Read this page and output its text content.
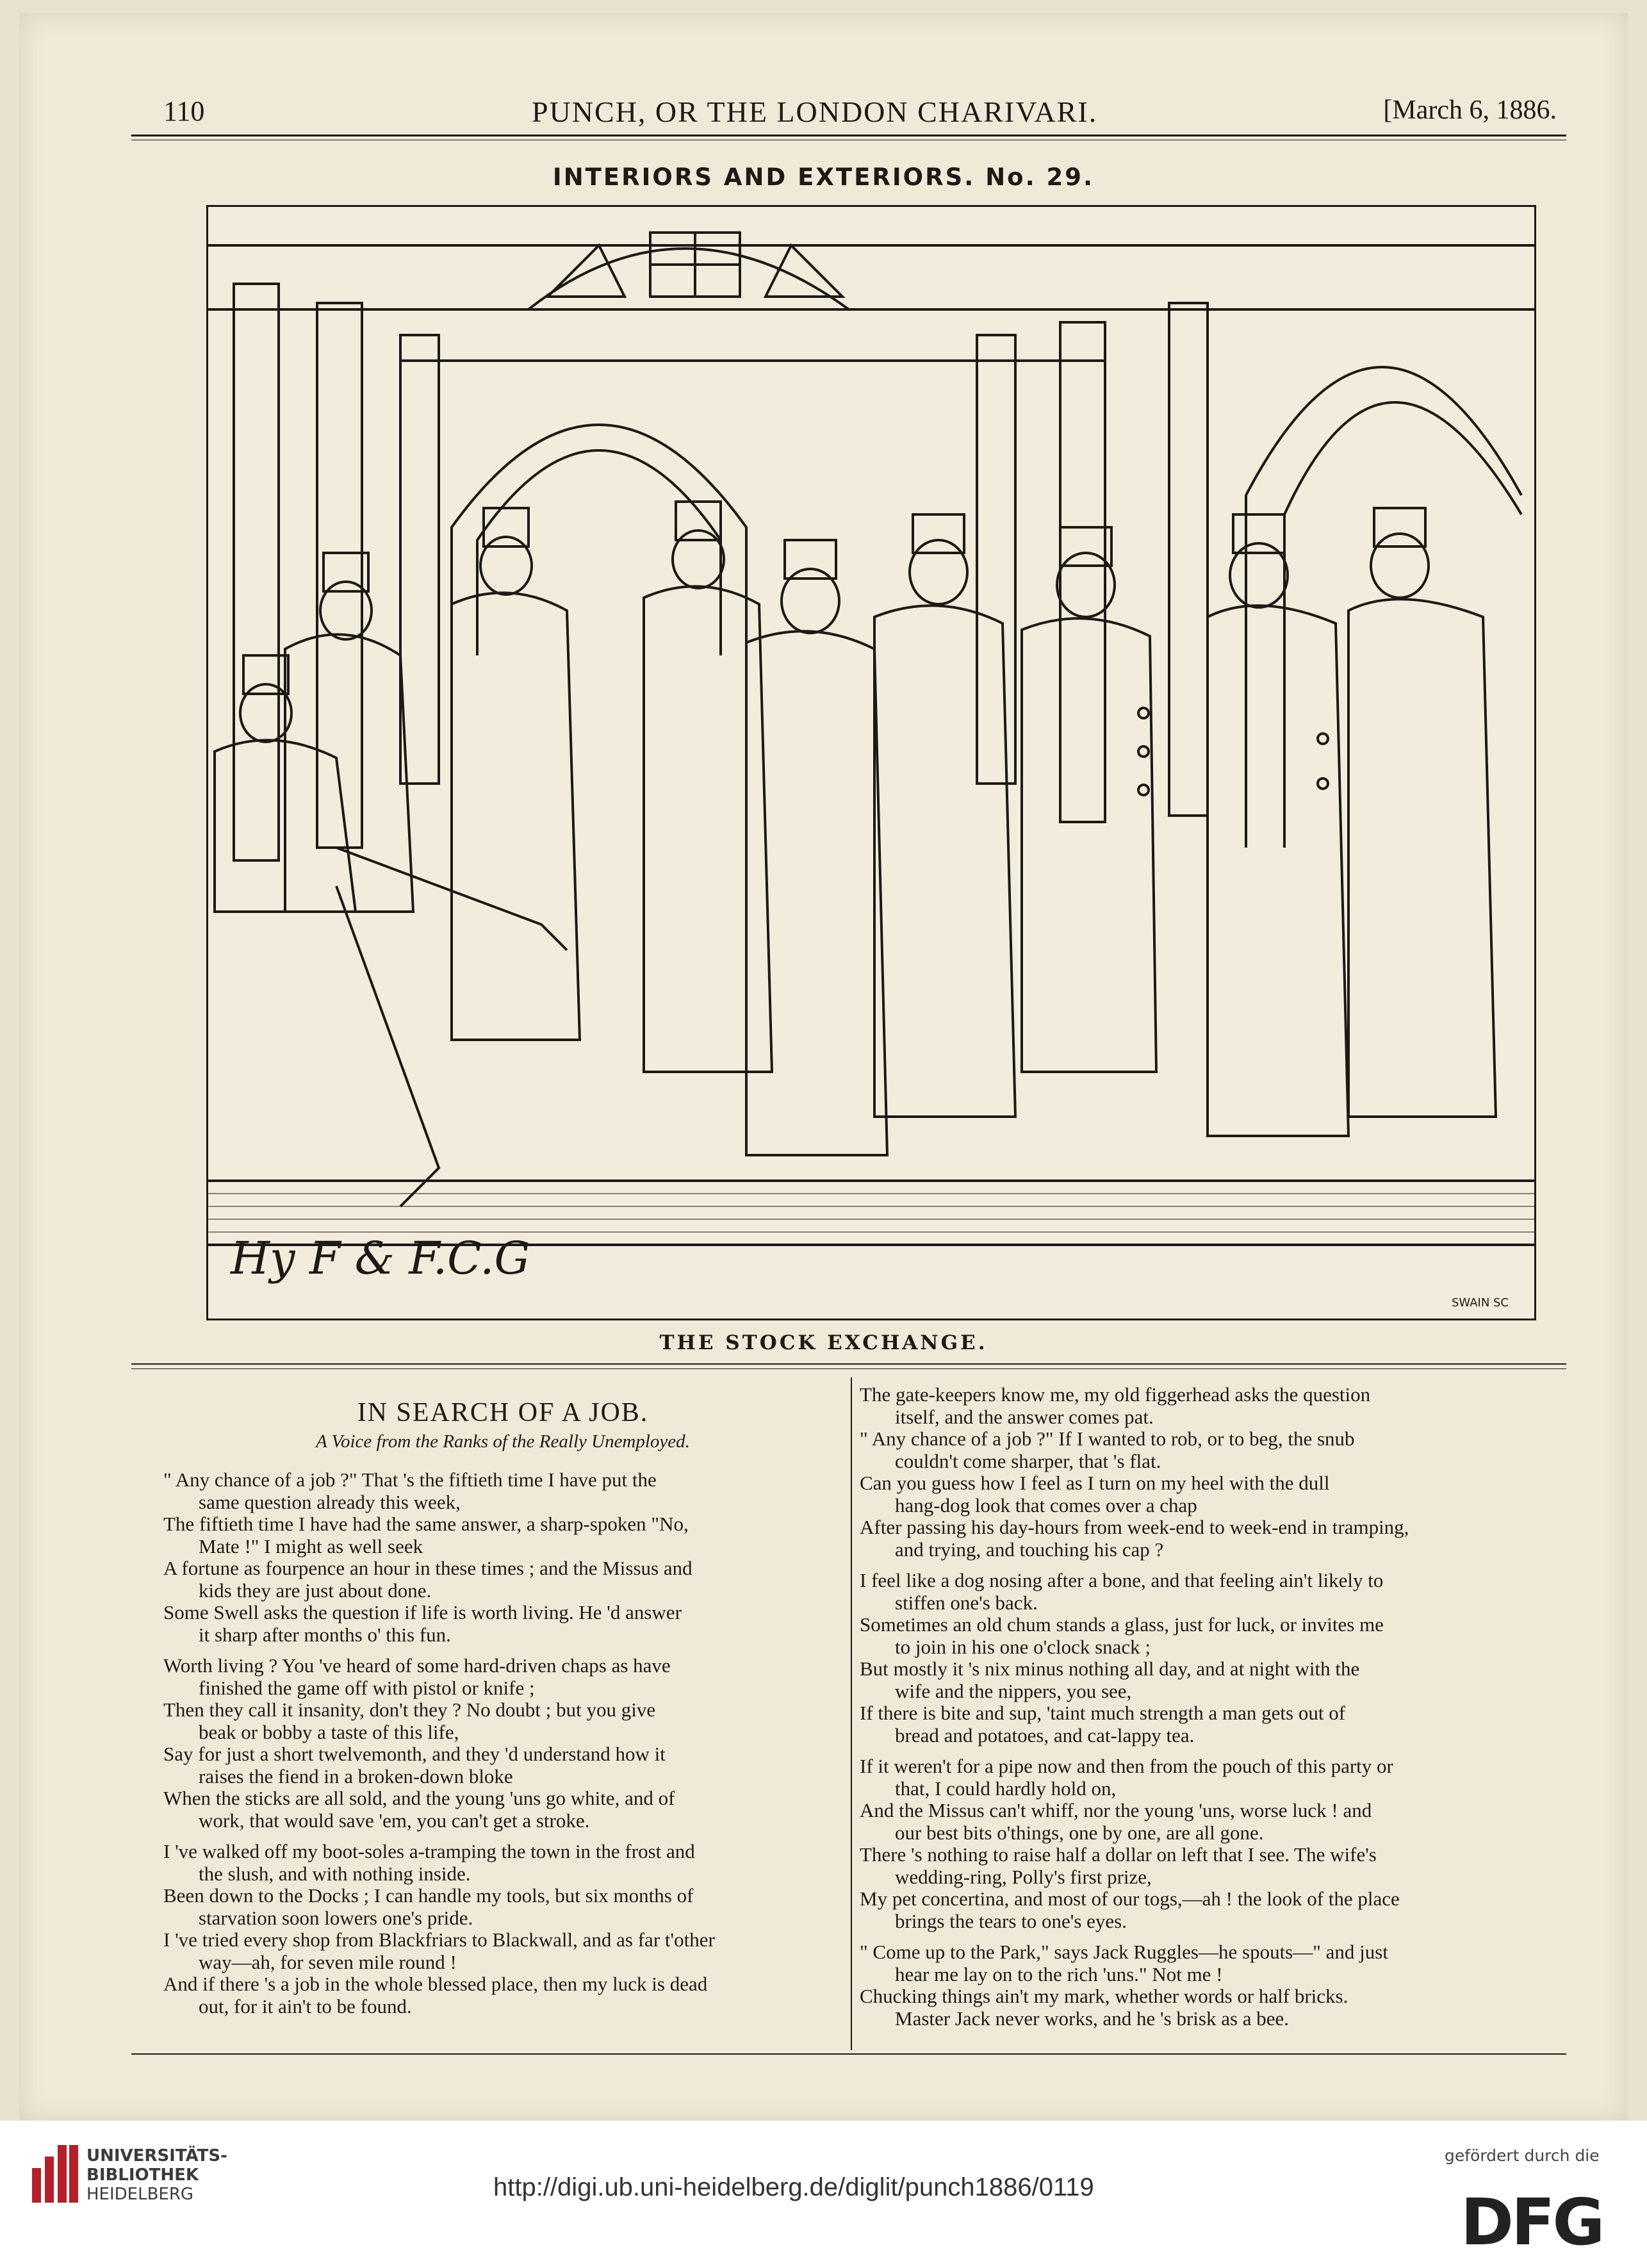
110	PUNCH, OR THE LONDON CHARIVARI.	[March 6, 1886.
INTERIORS AND EXTERIORS. No. 29.
Hy F & F.C.G
SWAIN SC
THE STOCK EXCHANGE.
IN SEARCH OF A JOB.
A Voice from the Ranks of the Really Unemployed.
" Any chance of a job ?" That 's the fiftieth time I have put the
same question already this week,
The fiftieth time I have had the same answer, a sharp-spoken "No,
Mate !" I might as well seek
A fortune as fourpence an hour in these times ; and the Missus and
kids they are just about done.
Some Swell asks the question if life is worth living. He 'd answer
it sharp after months o' this fun.
Worth living ? You 've heard of some hard-driven chaps as have
finished the game off with pistol or knife ;
Then they call it insanity, don't they ? No doubt ; but you give
beak or bobby a taste of this life,
Say for just a short twelvemonth, and they 'd understand how it
raises the fiend in a broken-down bloke
When the sticks are all sold, and the young 'uns go white, and of
work, that would save 'em, you can't get a stroke.
I 've walked off my boot-soles a-tramping the town in the frost and
the slush, and with nothing inside.
Been down to the Docks ; I can handle my tools, but six months of
starvation soon lowers one's pride.
I 've tried every shop from Blackfriars to Blackwall, and as far t'other
way—ah, for seven mile round !
And if there 's a job in the whole blessed place, then my luck is dead
out, for it ain't to be found.
The gate-keepers know me, my old figgerhead asks the question
itself, and the answer comes pat.
" Any chance of a job ?" If I wanted to rob, or to beg, the snub
couldn't come sharper, that 's flat.
Can you guess how I feel as I turn on my heel with the dull
hang-dog look that comes over a chap
After passing his day-hours from week-end to week-end in tramping,
and trying, and touching his cap ?
I feel like a dog nosing after a bone, and that feeling ain't likely to
stiffen one's back.
Sometimes an old chum stands a glass, just for luck, or invites me
to join in his one o'clock snack ;
But mostly it 's nix minus nothing all day, and at night with the
wife and the nippers, you see,
If there is bite and sup, 'taint much strength a man gets out of
bread and potatoes, and cat-lappy tea.
If it weren't for a pipe now and then from the pouch of this party or
that, I could hardly hold on,
And the Missus can't whiff, nor the young 'uns, worse luck ! and
our best bits o'things, one by one, are all gone.
There 's nothing to raise half a dollar on left that I see. The wife's
wedding-ring, Polly's first prize,
My pet concertina, and most of our togs,—ah ! the look of the place
brings the tears to one's eyes.
" Come up to the Park," says Jack Ruggles—he spouts—" and just
hear me lay on to the rich 'uns." Not me !
Chucking things ain't my mark, whether words or half bricks.
Master Jack never works, and he 's brisk as a bee.
UNIVERSITÄTS-
BIBLIOTHEK
HEIDELBERG	http://digi.ub.uni-heidelberg.de/diglit/punch1886/0119
gefördert durch die
DFG
